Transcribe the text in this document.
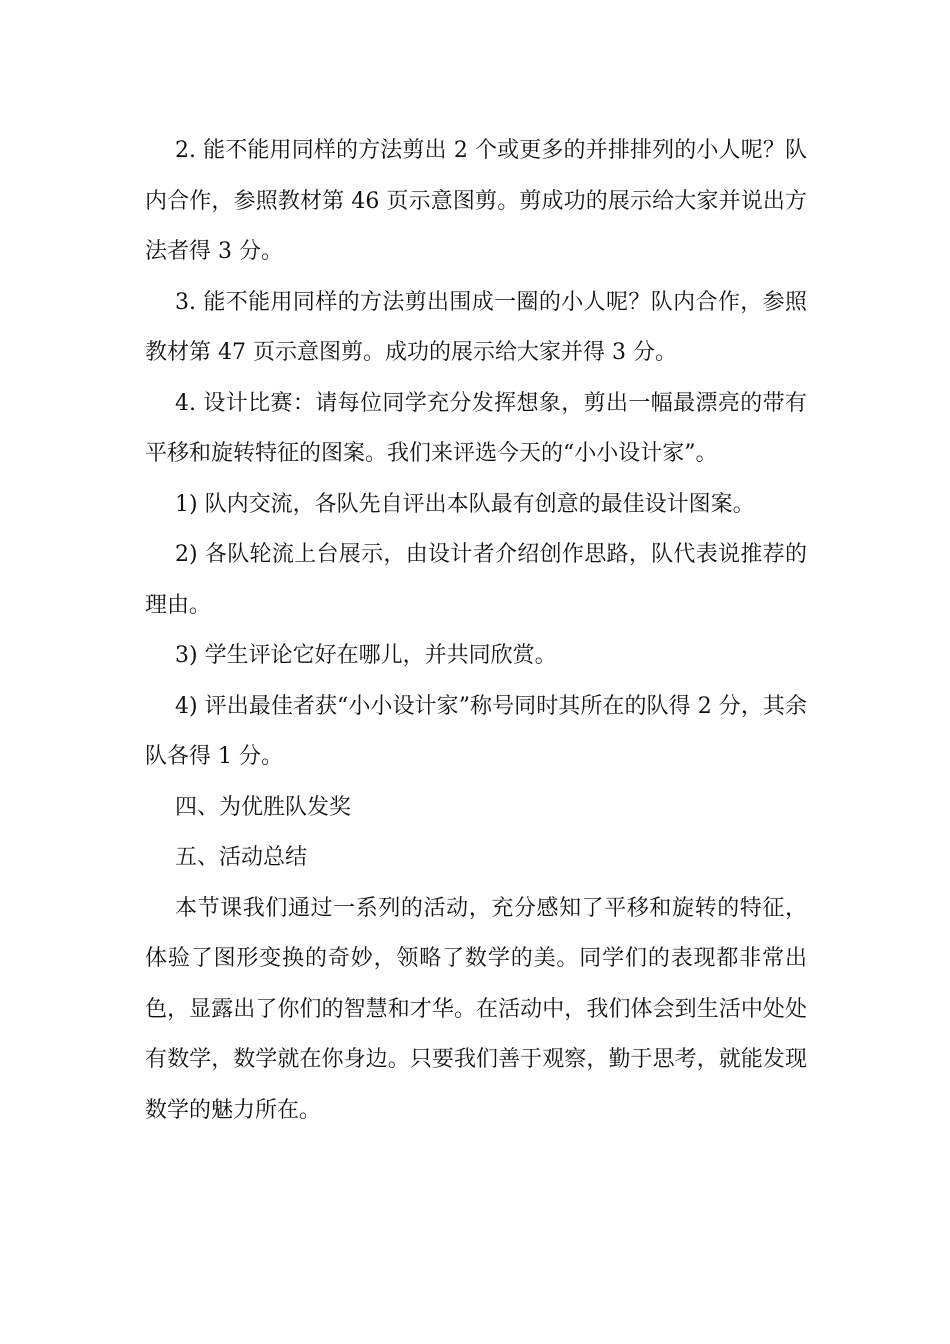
2. 能不能用同样的方法剪出 2 个或更多的并排排列的小人呢？队内合作，参照教材第 46 页示意图剪。剪成功的展示给大家并说出方法者得 3 分。

3. 能不能用同样的方法剪出围成一圈的小人呢？队内合作，参照教材第 47 页示意图剪。成功的展示给大家并得 3 分。

4. 设计比赛：请每位同学充分发挥想象，剪出一幅最漂亮的带有平移和旋转特征的图案。我们来评选今天的“小小设计家”。

1) 队内交流，各队先自评出本队最有创意的最佳设计图案。

2) 各队轮流上台展示，由设计者介绍创作思路，队代表说推荐的理由。

3) 学生评论它好在哪儿，并共同欣赏。

4) 评出最佳者获“小小设计家”称号同时其所在的队得 2 分，其余队各得 1 分。

四、为优胜队发奖

五、活动总结

本节课我们通过一系列的活动，充分感知了平移和旋转的特征，体验了图形变换的奇妙，领略了数学的美。同学们的表现都非常出色，显露出了你们的智慧和才华。在活动中，我们体会到生活中处处有数学，数学就在你身边。只要我们善于观察，勤于思考，就能发现数学的魅力所在。
